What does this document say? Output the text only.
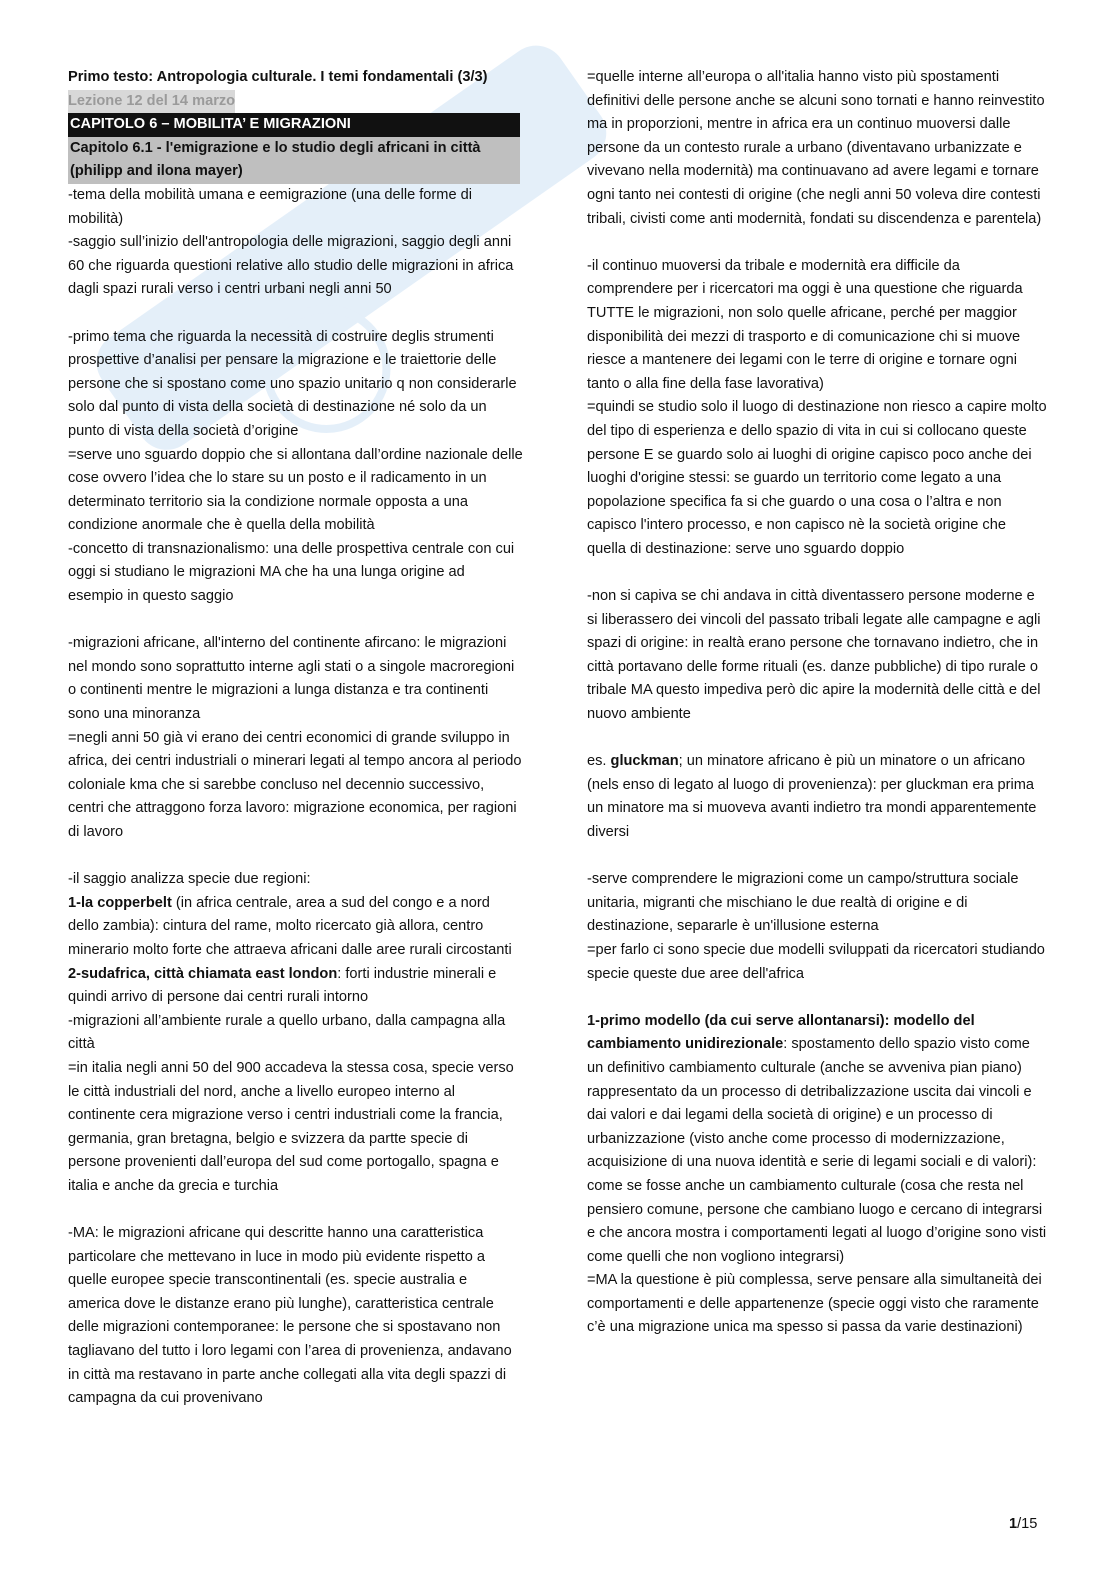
Primo testo: Antropologia culturale. I temi fondamentali (3/3)

Lezione 12 del 14 marzo

CAPITOLO 6 – MOBILITA’ E MIGRAZIONI

Capitolo 6.1 - l'emigrazione e lo studio degli africani in città

(philipp and ilona mayer)

-tema della mobilità umana e eemigrazione (una delle forme di mobilità)

-saggio sull’inizio dell'antropologia delle migrazioni, saggio degli anni 60 che riguarda questioni relative allo studio delle migrazioni in africa dagli spazi rurali verso i centri urbani negli anni 50

-primo tema che riguarda la necessità di costruire deglis strumenti prospettive d’analisi per pensare la migrazione e le traiettorie delle persone che si spostano come uno spazio unitario q non considerarle solo dal punto di vista della società di destinazione né solo da un punto di vista della società d’origine

=serve uno sguardo doppio che si allontana dall’ordine nazionale delle cose ovvero l’idea che lo stare su un posto e il radicamento in un determinato territorio sia la condizione normale opposta a una condizione anormale che è quella della mobilità

-concetto di transnazionalismo: una delle prospettiva centrale con cui oggi si studiano le migrazioni MA che ha una lunga origine ad esempio in questo saggio

-migrazioni africane, all'interno del continente afircano: le migrazioni nel mondo sono soprattutto interne agli stati o a singole macroregioni o continenti mentre le migrazioni a lunga distanza e tra continenti sono una minoranza

=negli anni 50 già vi erano dei centri economici di grande sviluppo in africa, dei centri industriali o minerari legati al tempo ancora al periodo coloniale kma che si sarebbe concluso nel decennio successivo, centri che attraggono forza lavoro: migrazione economica, per ragioni di lavoro

-il saggio analizza specie due regioni:

1-la copperbelt (in africa centrale, area a sud del congo e a nord dello zambia): cintura del rame, molto ricercato già allora, centro minerario molto forte che attraeva africani dalle aree rurali circostanti

2-sudafrica, città chiamata east london: forti industrie minerali e quindi arrivo di persone dai centri rurali intorno

-migrazioni all’ambiente rurale a quello urbano, dalla campagna alla città

=in italia negli anni 50 del 900 accadeva la stessa cosa, specie verso le città industriali del nord, anche a livello europeo interno al continente cera migrazione verso i centri industriali come la francia, germania, gran bretagna, belgio e svizzera da partte specie di persone provenienti dall’europa del sud come portogallo, spagna e italia e anche da grecia e turchia

-MA: le migrazioni africane qui descritte hanno una caratteristica particolare che mettevano in luce in modo più evidente rispetto a quelle europee specie transcontinentali (es. specie australia e america dove le distanze erano più lunghe), caratteristica centrale delle migrazioni contemporanee: le persone che si spostavano non tagliavano del tutto i loro legami con l’area di provenienza, andavano in città ma restavano in parte anche collegati alla vita degli spazzi di campagna da cui provenivano

=quelle interne all’europa o all'italia hanno visto più spostamenti definitivi delle persone anche se alcuni sono tornati e hanno reinvestito ma in proporzioni, mentre in africa era un continuo muoversi dalle persone da un contesto rurale a urbano (diventavano urbanizzate e vivevano nella modernità) ma continuavano ad avere legami e tornare ogni tanto nei contesti di origine (che negli anni 50 voleva dire contesti tribali, civisti come anti modernità, fondati su discendenza e parentela)

-il continuo muoversi da tribale e modernità era difficile da comprendere per i ricercatori ma oggi è una questione che riguarda TUTTE le migrazioni, non solo quelle africane, perché per maggior disponibilità dei mezzi di trasporto e di comunicazione chi si muove riesce a mantenere dei legami con le terre di origine e tornare ogni tanto o alla fine della fase lavorativa)

=quindi se studio solo il luogo di destinazione non riesco a capire molto del tipo di esperienza e dello spazio di vita in cui si collocano queste persone E se guardo solo ai luoghi di origine capisco poco anche dei luoghi d'origine stessi: se guardo un territorio come legato a una popolazione specifica fa si che guardo o una cosa o l’altra e non capisco l'intero processo, e non capisco nè la società origine che quella di destinazione: serve uno sguardo doppio

-non si capiva se chi andava in città diventassero persone moderne e si liberassero dei vincoli del passato tribali legate alle campagne e agli spazi di origine: in realtà erano persone che tornavano indietro, che in città portavano delle forme rituali (es. danze pubbliche) di tipo rurale o tribale MA questo impediva però dic apire la modernità delle città e del nuovo ambiente

es. gluckman; un minatore africano è più un minatore o un africano (nels enso di legato al luogo di provenienza): per gluckman era prima un minatore ma si muoveva avanti indietro tra mondi apparentemente diversi

-serve comprendere le migrazioni come un campo/struttura sociale unitaria, migranti che mischiano le due realtà di origine e di destinazione, separarle è un'illusione esterna

=per farlo ci sono specie due modelli sviluppati da ricercatori studiando specie queste due aree dell'africa

1-primo modello (da cui serve allontanarsi): modello del cambiamento unidirezionale: spostamento dello spazio visto come un definitivo cambiamento culturale (anche se avveniva pian piano) rappresentato da un processo di detribalizzazione uscita dai vincoli e dai valori e dai legami della società di origine) e un processo di urbanizzazione (visto anche come processo di modernizzazione, acquisizione di una nuova identità e serie di legami sociali e di valori): come se fosse anche un cambiamento culturale (cosa che resta nel pensiero comune, persone che cambiano luogo e cercano di integrarsi e che ancora mostra i comportamenti legati al luogo d’origine sono visti come quelli che non vogliono integrarsi)

=MA la questione è più complessa, serve pensare alla simultaneità dei comportamenti e delle appartenenze (specie oggi visto che raramente c’è una migrazione unica ma spesso si passa da varie destinazioni)

1/15
